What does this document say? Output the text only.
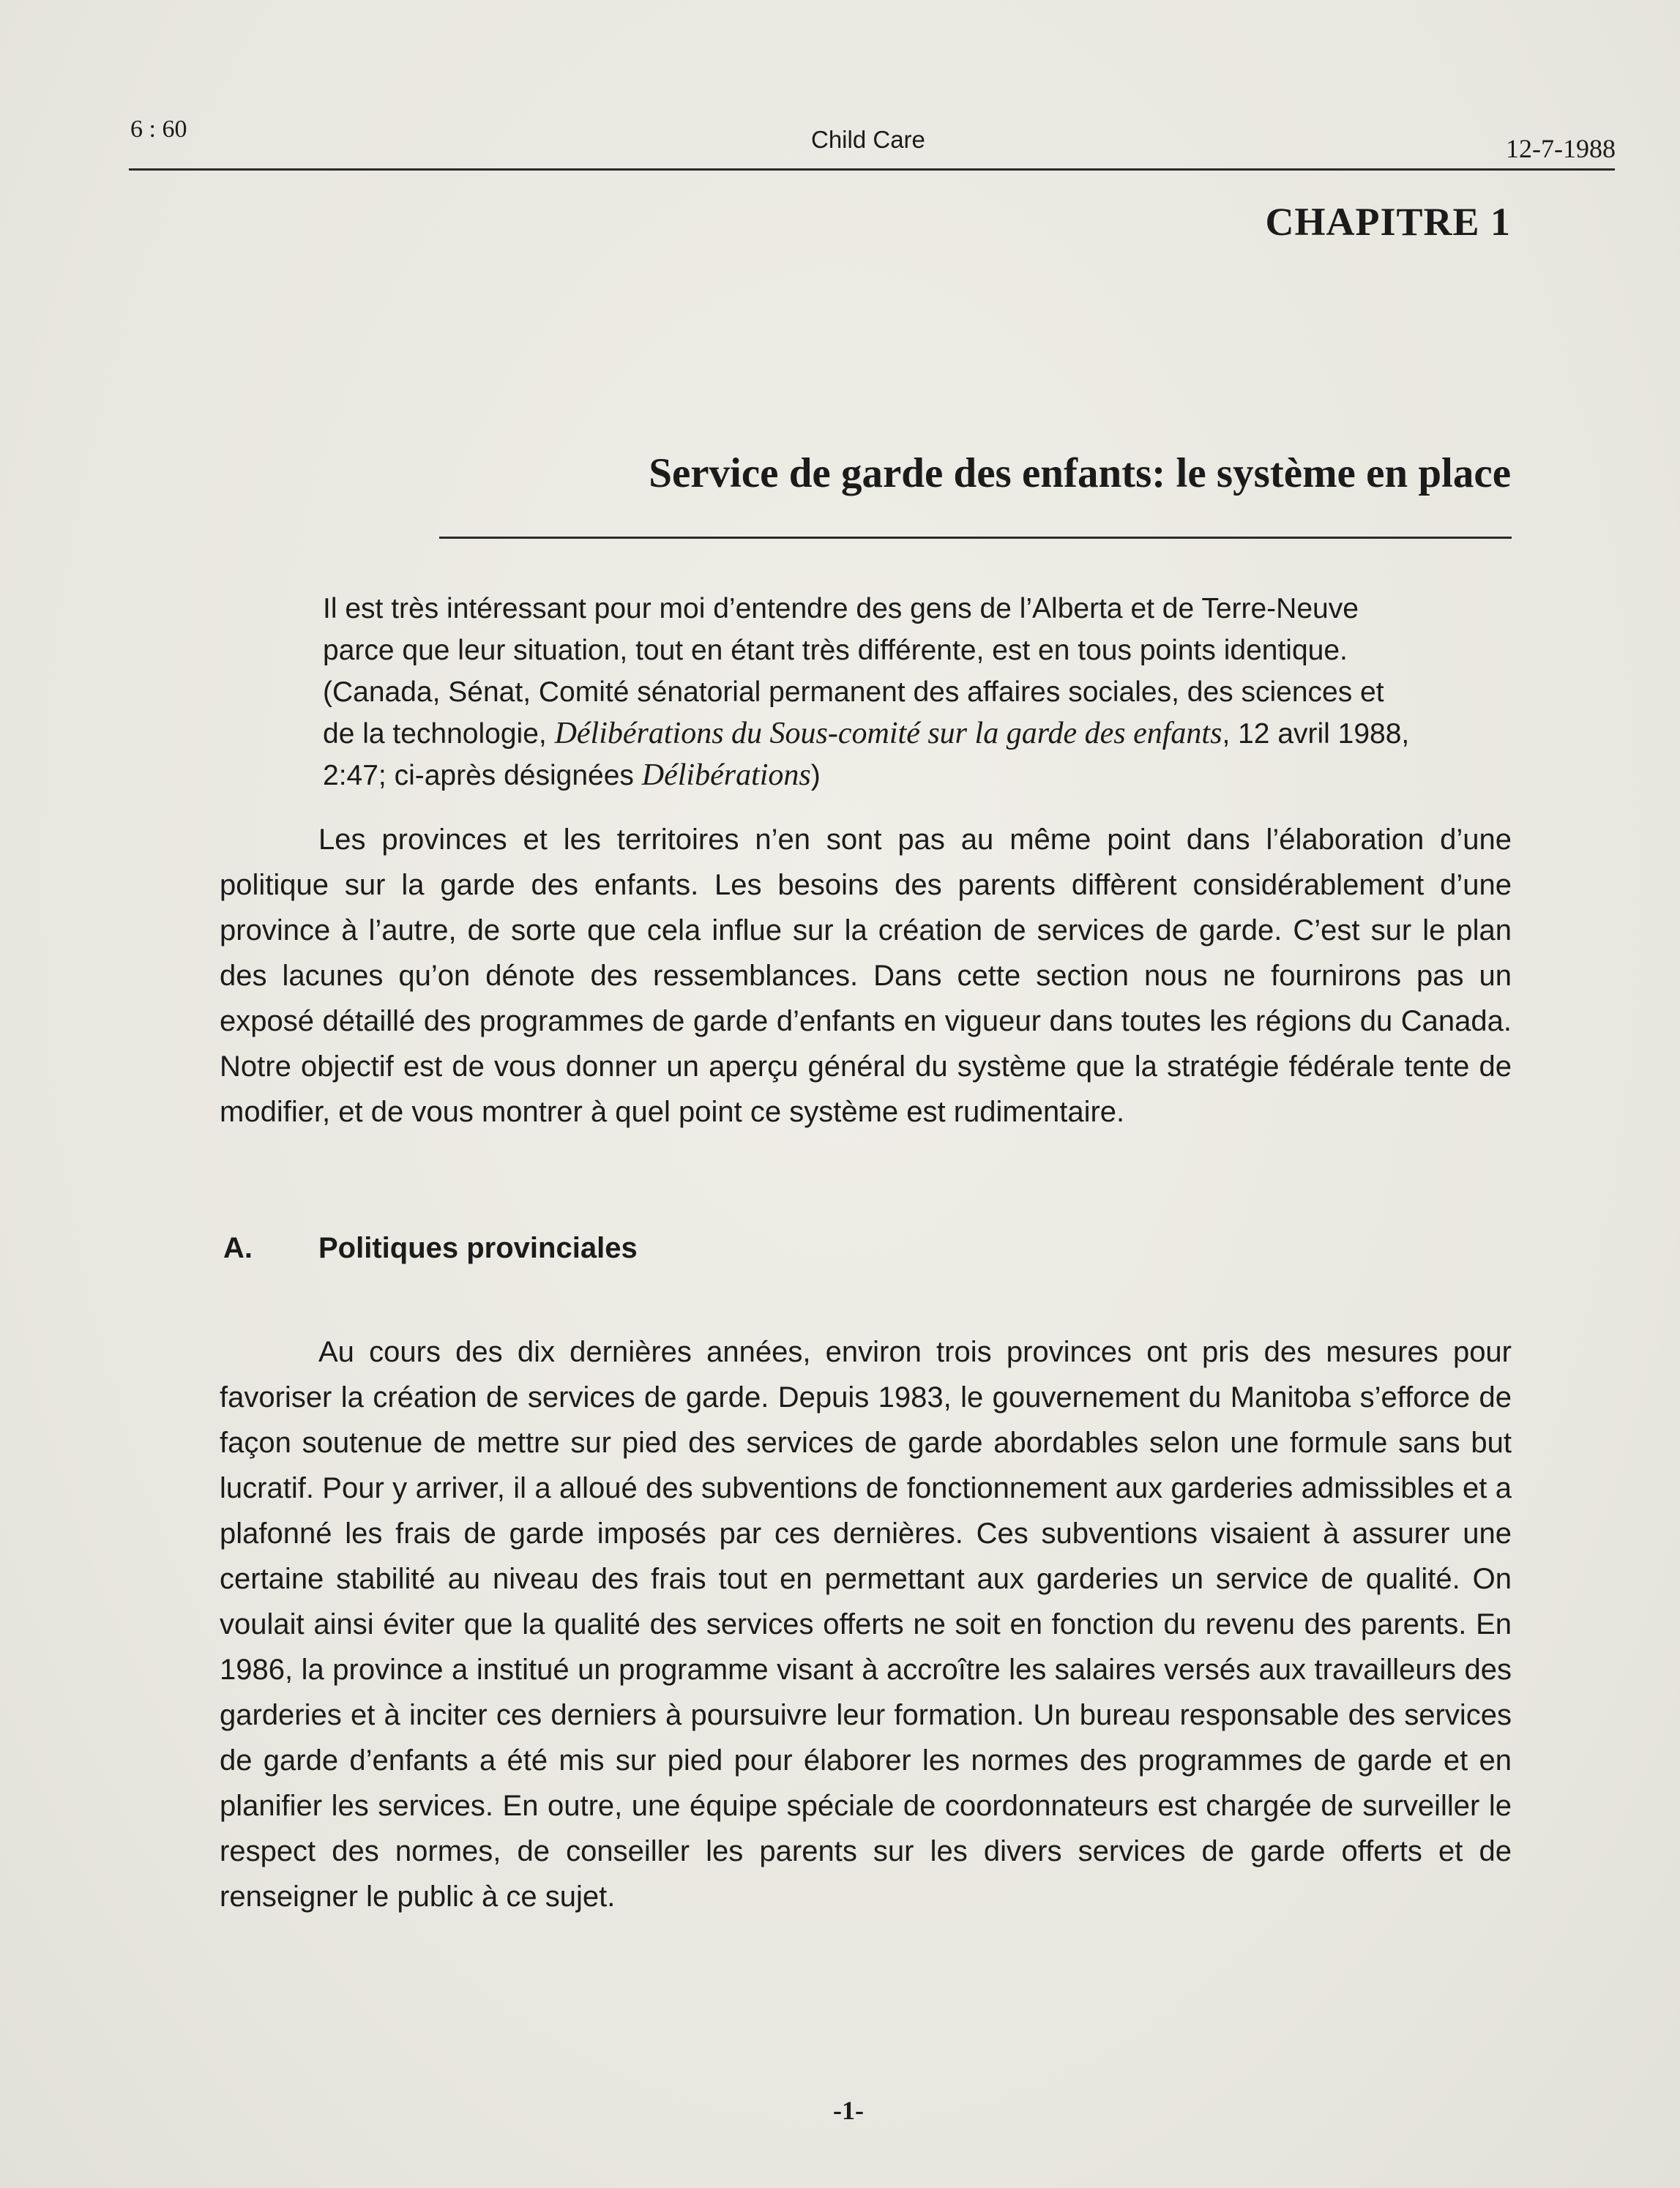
6 : 60	Child Care	12-7-1988
CHAPITRE 1
Service de garde des enfants: le système en place
Il est très intéressant pour moi d’entendre des gens de l’Alberta et de Terre-Neuve parce que leur situation, tout en étant très différente, est en tous points identique. (Canada, Sénat, Comité sénatorial permanent des affaires sociales, des sciences et de la technologie, Délibérations du Sous-comité sur la garde des enfants, 12 avril 1988, 2:47; ci-après désignées Délibérations)
Les provinces et les territoires n’en sont pas au même point dans l’élaboration d’une politique sur la garde des enfants. Les besoins des parents diffèrent considérablement d’une province à l’autre, de sorte que cela influe sur la création de services de garde. C’est sur le plan des lacunes qu’on dénote des ressemblances. Dans cette section nous ne fournirons pas un exposé détaillé des programmes de garde d’enfants en vigueur dans toutes les régions du Canada. Notre objectif est de vous donner un aperçu général du système que la stratégie fédérale tente de modifier, et de vous montrer à quel point ce système est rudimentaire.
A. Politiques provinciales
Au cours des dix dernières années, environ trois provinces ont pris des mesures pour favoriser la création de services de garde. Depuis 1983, le gouvernement du Manitoba s’efforce de façon soutenue de mettre sur pied des services de garde abordables selon une formule sans but lucratif. Pour y arriver, il a alloué des subventions de fonctionnement aux garderies admissibles et a plafonné les frais de garde imposés par ces dernières. Ces subventions visaient à assurer une certaine stabilité au niveau des frais tout en permettant aux garderies un service de qualité. On voulait ainsi éviter que la qualité des services offerts ne soit en fonction du revenu des parents. En 1986, la province a institué un programme visant à accroître les salaires versés aux travailleurs des garderies et à inciter ces derniers à poursuivre leur formation. Un bureau responsable des services de garde d’enfants a été mis sur pied pour élaborer les normes des programmes de garde et en planifier les services. En outre, une équipe spéciale de coordonnateurs est chargée de surveiller le respect des normes, de conseiller les parents sur les divers services de garde offerts et de renseigner le public à ce sujet.
-1-
